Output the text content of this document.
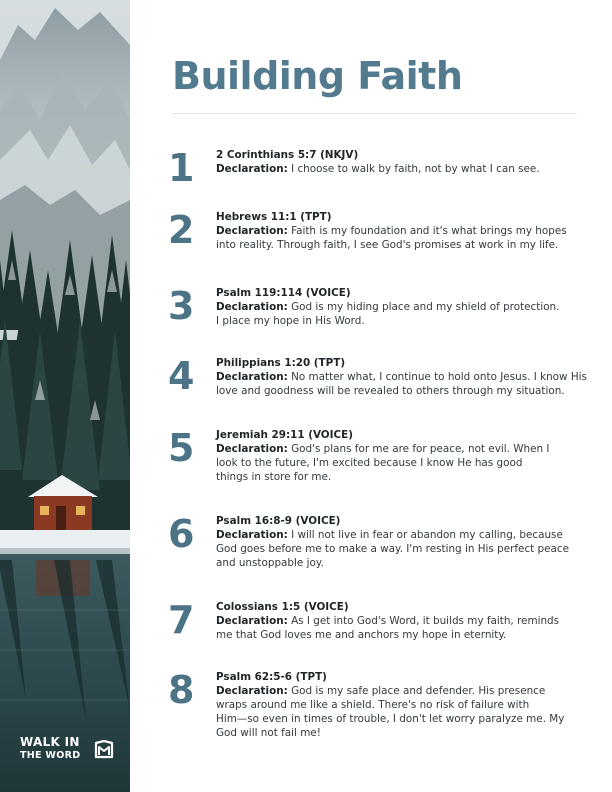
WALK IN
THE WORD
Building Faith
1	2 Corinthians 5:7 (NKJV)
Declaration: I choose to walk by faith, not by what I can see.
2	Hebrews 11:1 (TPT)
Declaration: Faith is my foundation and it's what brings my hopes
into reality. Through faith, I see God's promises at work in my life.
3	Psalm 119:114 (VOICE)
Declaration: God is my hiding place and my shield of protection.
I place my hope in His Word.
4	Philippians 1:20 (TPT)
Declaration: No matter what, I continue to hold onto Jesus. I know His
love and goodness will be revealed to others through my situation.
5	Jeremiah 29:11 (VOICE)
Declaration: God's plans for me are for peace, not evil. When I
look to the future, I'm excited because I know He has good
things in store for me.
6	Psalm 16:8-9 (VOICE)
Declaration: I will not live in fear or abandon my calling, because
God goes before me to make a way. I'm resting in His perfect peace
and unstoppable joy.
7	Colossians 1:5 (VOICE)
Declaration: As I get into God's Word, it builds my faith, reminds
me that God loves me and anchors my hope in eternity.
8	Psalm 62:5-6 (TPT)
Declaration: God is my safe place and defender. His presence
wraps around me like a shield. There's no risk of failure with
Him—so even in times of trouble, I don't let worry paralyze me. My
God will not fail me!
